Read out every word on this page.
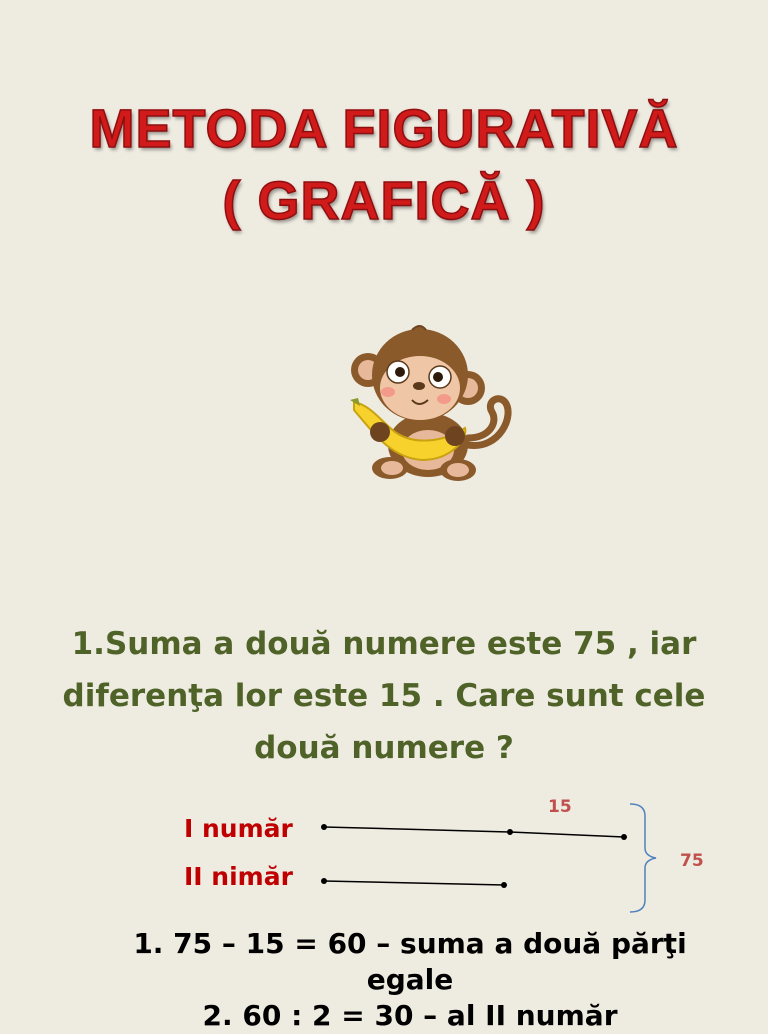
METODA FIGURATIVĂ
( GRAFICĂ )
1.Suma a două numere este 75 , iar
diferenţa lor este 15 . Care sunt cele
două numere ?
I număr
II nimăr
15
75
1. 75 – 15 = 60 – suma a două părţi
egale
2. 60 : 2 = 30 – al II număr
